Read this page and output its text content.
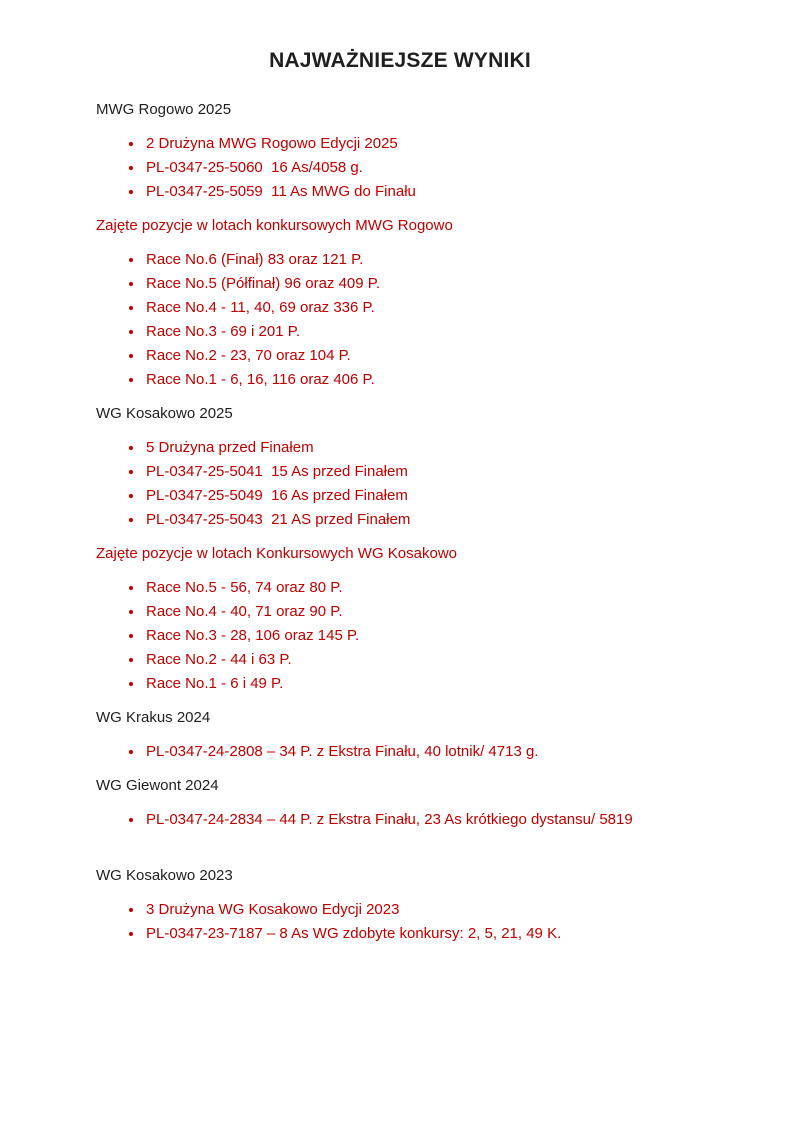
NAJWAŻNIEJSZE WYNIKI

MWG Rogowo 2025

• 2 Drużyna MWG Rogowo Edycji 2025
• PL-0347-25-5060  16 As/4058 g.
• PL-0347-25-5059  11 As MWG do Finału

Zajęte pozycje w lotach konkursowych MWG Rogowo

• Race No.6 (Finał) 83 oraz 121 P.
• Race No.5 (Półfinał) 96 oraz 409 P.
• Race No.4 - 11, 40, 69 oraz 336 P.
• Race No.3 - 69 i 201 P.
• Race No.2 - 23, 70 oraz 104 P.
• Race No.1 - 6, 16, 116 oraz 406 P.

WG Kosakowo 2025

• 5 Drużyna przed Finałem
• PL-0347-25-5041  15 As przed Finałem
• PL-0347-25-5049  16 As przed Finałem
• PL-0347-25-5043  21 AS przed Finałem

Zajęte pozycje w lotach Konkursowych WG Kosakowo

• Race No.5 - 56, 74 oraz 80 P.
• Race No.4 - 40, 71 oraz 90 P.
• Race No.3 - 28, 106 oraz 145 P.
• Race No.2 - 44 i 63 P.
• Race No.1 - 6 i 49 P.

WG Krakus 2024

• PL-0347-24-2808 – 34 P. z Ekstra Finału, 40 lotnik/ 4713 g.

WG Giewont 2024

• PL-0347-24-2834 – 44 P. z Ekstra Finału, 23 As krótkiego dystansu/ 5819

WG Kosakowo 2023

• 3 Drużyna WG Kosakowo Edycji 2023
• PL-0347-23-7187 – 8 As WG zdobyte konkursy: 2, 5, 21, 49 K.
